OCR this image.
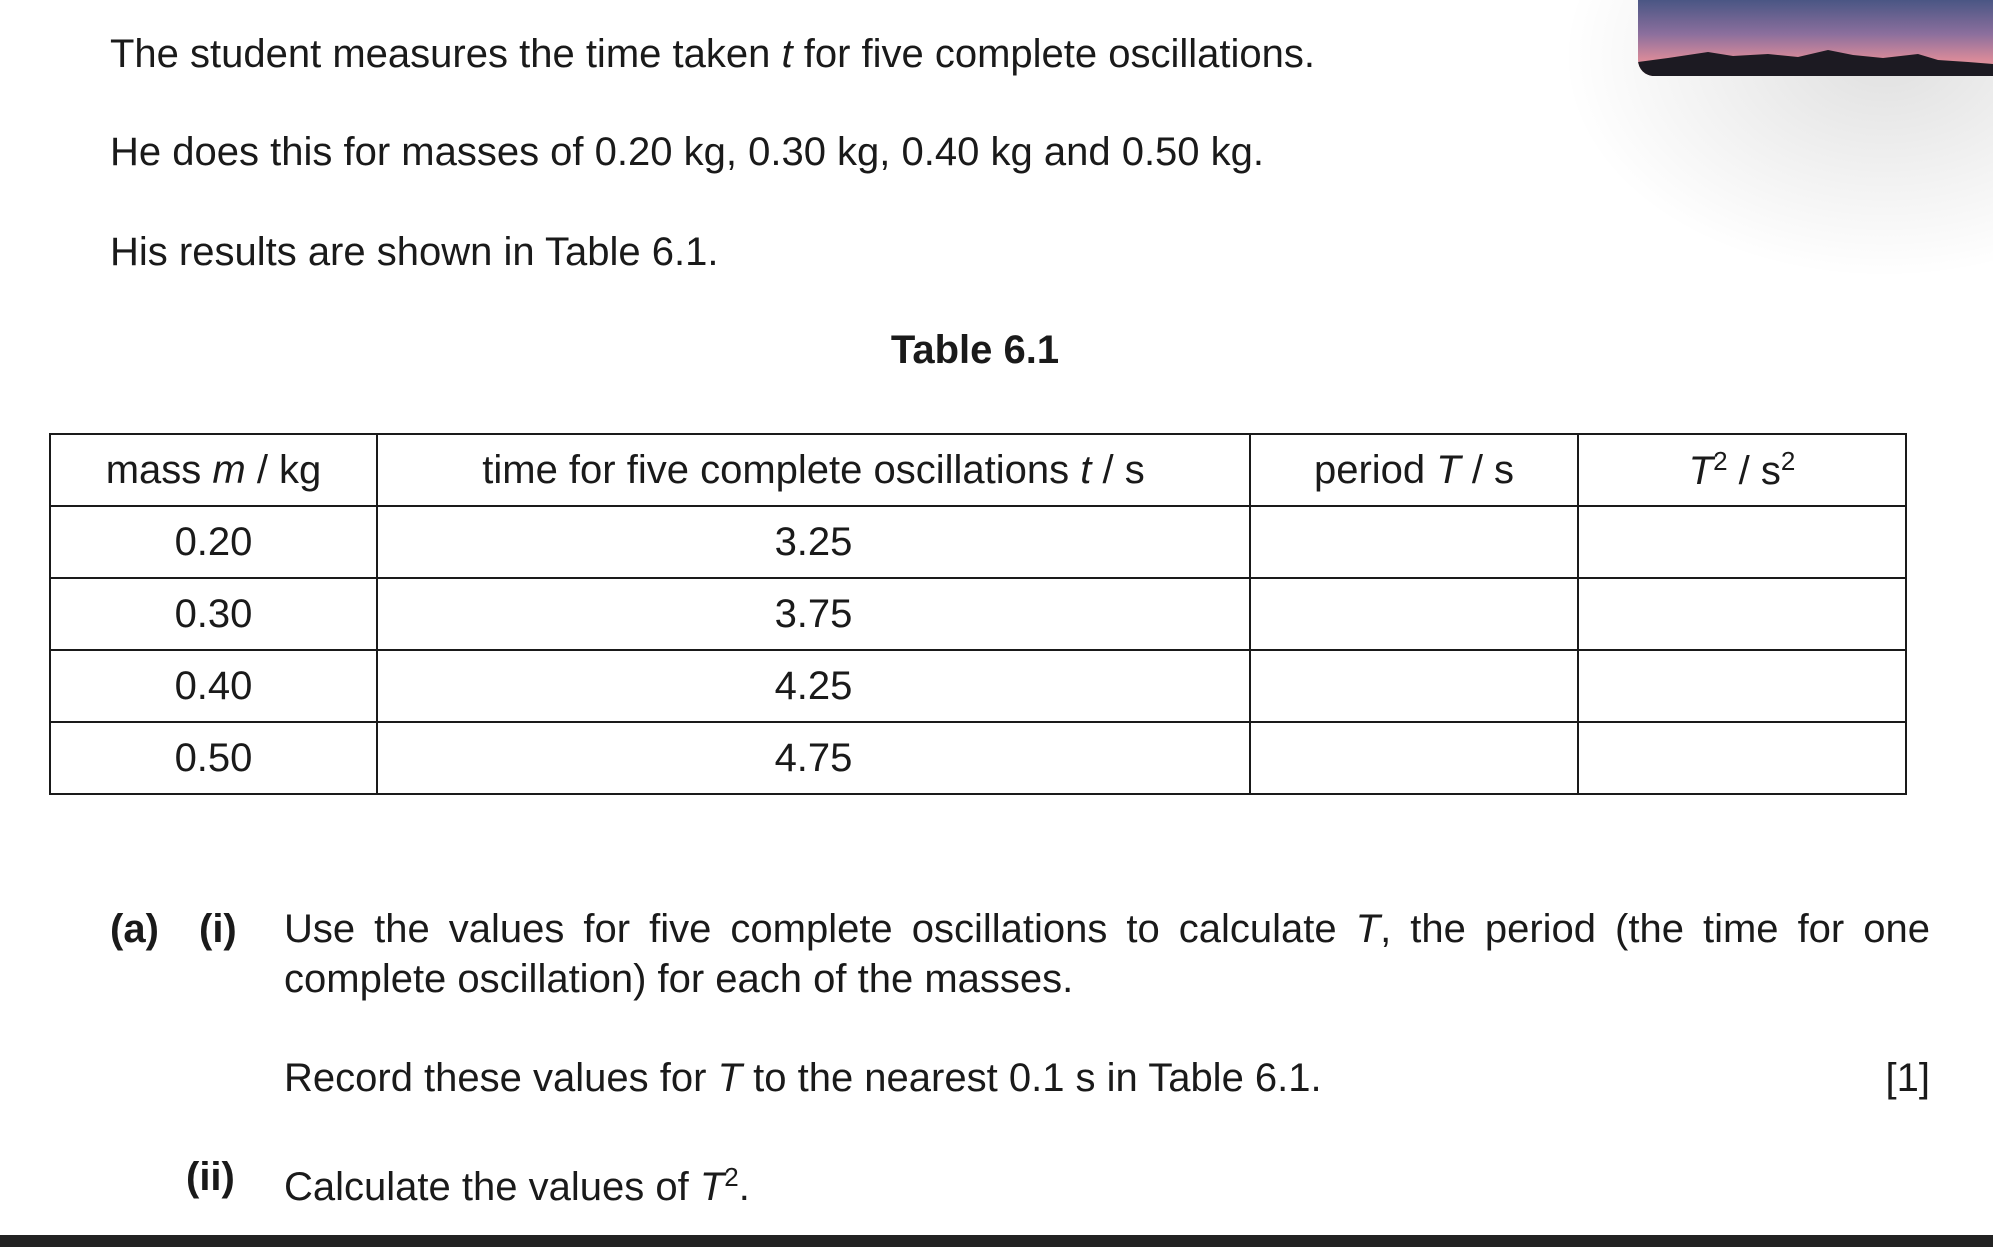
The student measures the time taken t for five complete oscillations.
He does this for masses of 0.20 kg, 0.30 kg, 0.40 kg and 0.50 kg.
His results are shown in Table 6.1.
Table 6.1
mass m / kg	time for five complete oscillations t / s	period T / s	$T^2 / s^2$
0.20	3.25		
0.30	3.75		
0.40	4.25		
0.50	4.75		
(a) (i) Use the values for five complete oscillations to calculate T, the period (the time for one complete oscillation) for each of the masses.
Record these values for T to the nearest 0.1 s in Table 6.1.	[1]
(ii) Calculate the values of $T^2$.
